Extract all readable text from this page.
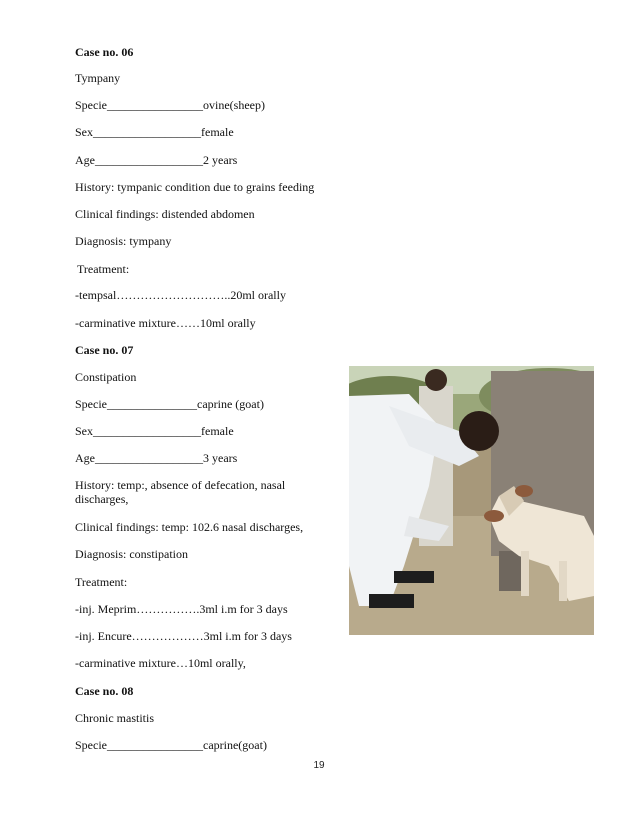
Case no. 06
Tympany
Specie________________ovine(sheep)
Sex__________________female
Age__________________2 years
History: tympanic condition due to grains feeding
Clinical findings: distended abdomen
Diagnosis: tympany
Treatment:
-tempsal………………………..20ml orally
-carminative mixture……10ml orally
Case no. 07
Constipation
Specie_______________caprine (goat)
Sex__________________female
Age__________________3 years
History: temp:, absence of defecation, nasal discharges,
Clinical findings: temp: 102.6 nasal discharges,
Diagnosis: constipation
Treatment:
-inj. Meprim…………….3ml i.m for 3 days
-inj. Encure………………3ml i.m for 3 days
-carminative mixture…10ml orally,
Case no. 08
Chronic mastitis
Specie________________caprine(goat)
19
